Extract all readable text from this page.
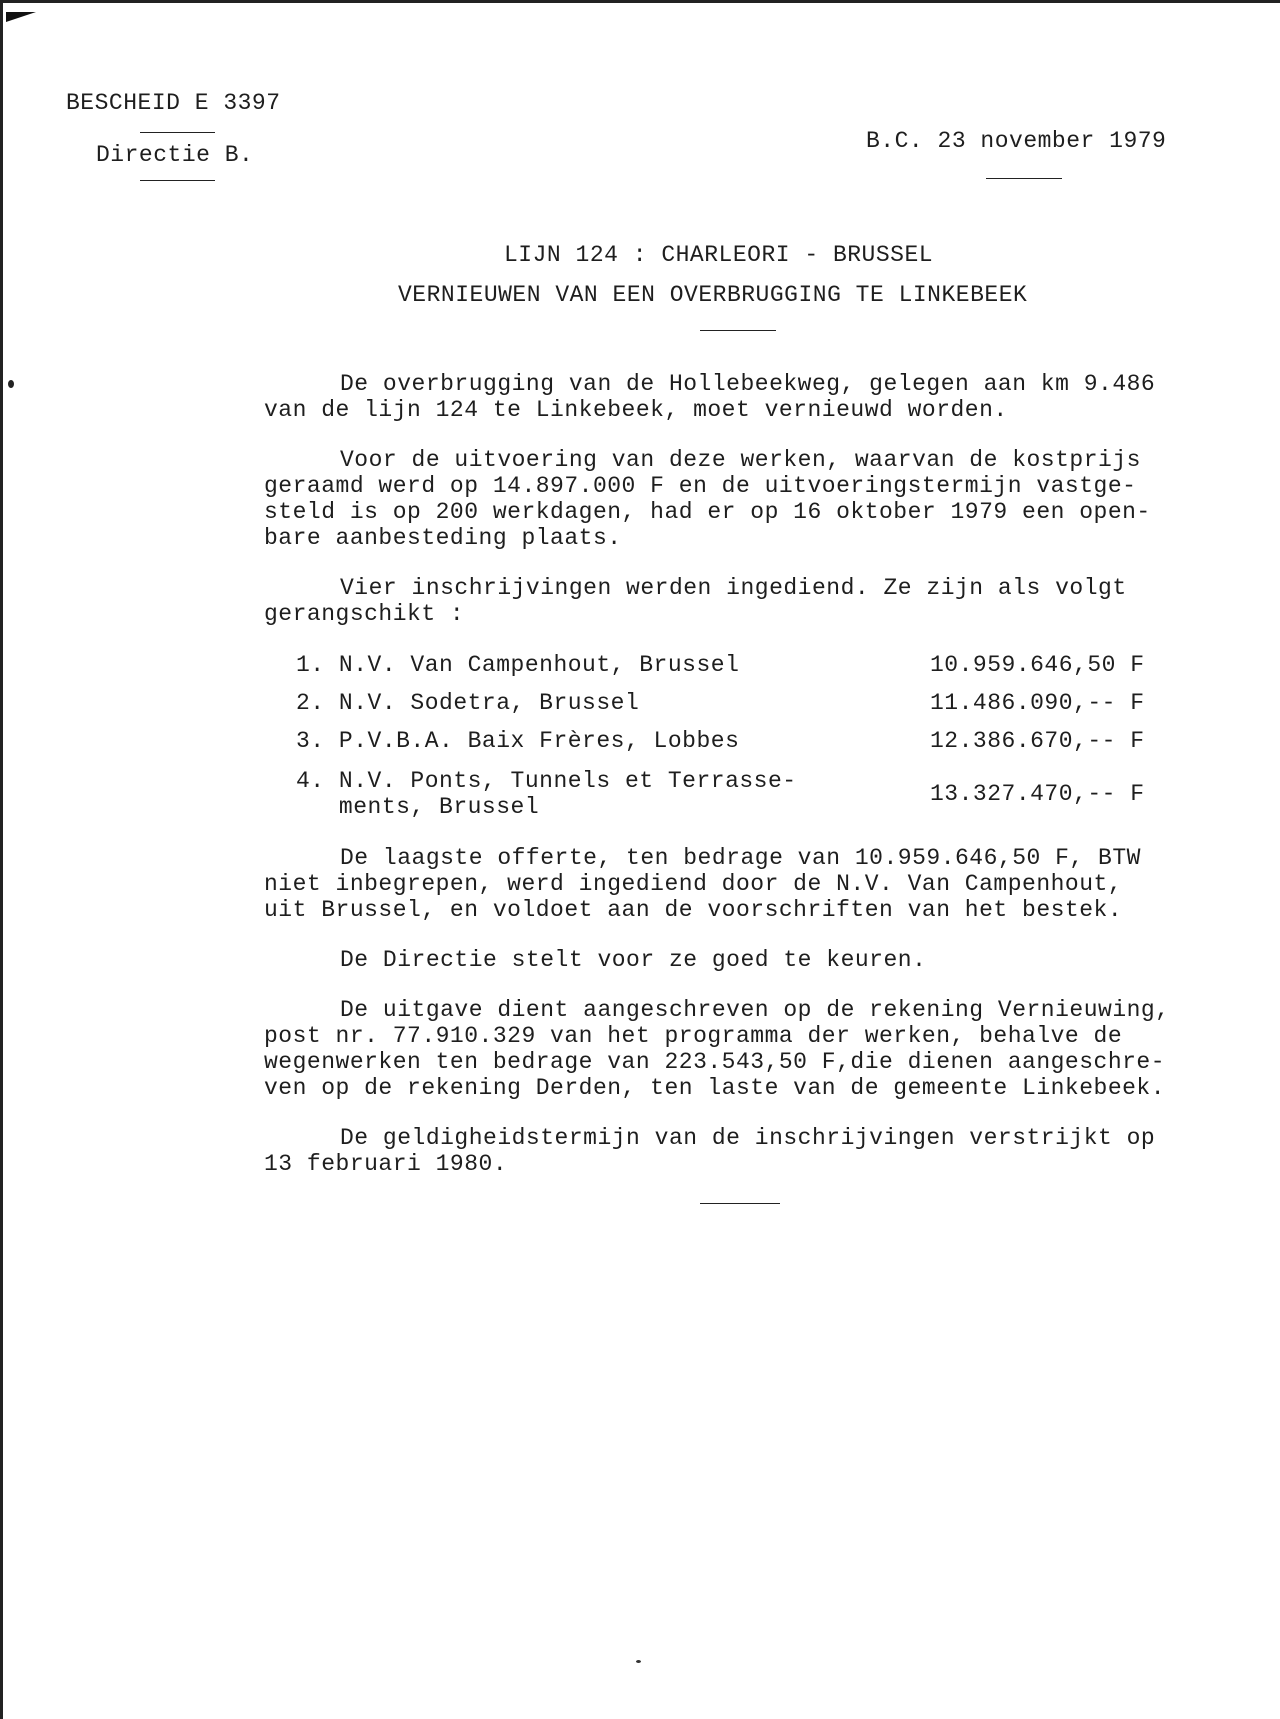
BESCHEID E 3397
Directie B.
B.C. 23 november 1979
LIJN 124 : CHARLEORI - BRUSSEL
VERNIEUWEN VAN EEN OVERBRUGGING TE LINKEBEEK
De overbrugging van de Hollebeekweg, gelegen aan km 9.486
van de lijn 124 te Linkebeek, moet vernieuwd worden.
Voor de uitvoering van deze werken, waarvan de kostprijs
geraamd werd op 14.897.000 F en de uitvoeringstermijn vastge-
steld is op 200 werkdagen, had er op 16 oktober 1979 een open-
bare aanbesteding plaats.
Vier inschrijvingen werden ingediend. Ze zijn als volgt
gerangschikt :
1. N.V. Van Campenhout, Brussel	10.959.646,50 F
2. N.V. Sodetra, Brussel	11.486.090,-- F
3. P.V.B.A. Baix Frères, Lobbes	12.386.670,-- F
4. N.V. Ponts, Tunnels et Terrasse-
ments, Brussel	13.327.470,-- F
De laagste offerte, ten bedrage van 10.959.646,50 F, BTW
niet inbegrepen, werd ingediend door de N.V. Van Campenhout,
uit Brussel, en voldoet aan de voorschriften van het bestek.
De Directie stelt voor ze goed te keuren.
De uitgave dient aangeschreven op de rekening Vernieuwing,
post nr. 77.910.329 van het programma der werken, behalve de
wegenwerken ten bedrage van 223.543,50 F,die dienen aangeschre-
ven op de rekening Derden, ten laste van de gemeente Linkebeek.
De geldigheidstermijn van de inschrijvingen verstrijkt op
13 februari 1980.
